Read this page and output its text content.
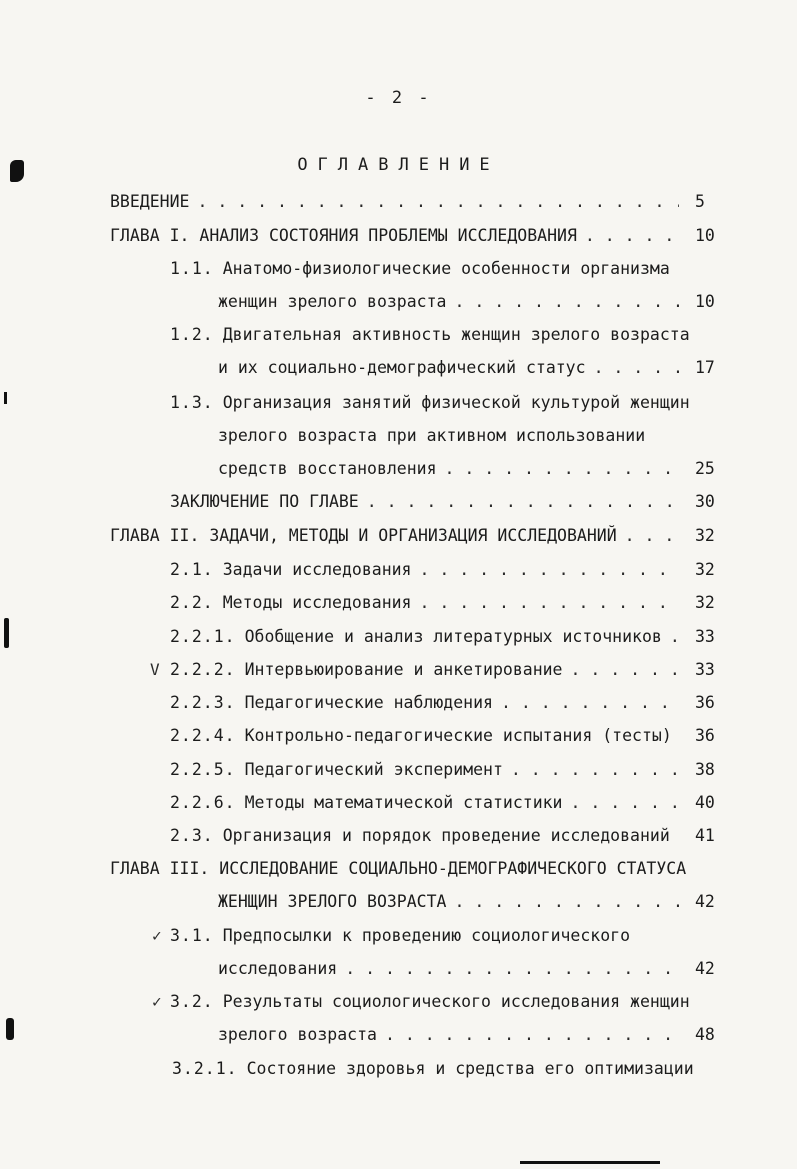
- 2 -
ОГЛАВЛЕНИЕ
ВВЕДЕНИЕ . . .	5
ГЛАВА I. АНАЛИЗ СОСТОЯНИЯ ПРОБЛЕМЫ ИССЛЕДОВАНИЯ . . .	10
1.1. Анатомо-физиологические особенности организма
женщин зрелого возраста . . .	10
1.2. Двигательная активность женщин зрелого возраста
и их социально-демографический статус . . .	17
1.3. Организация занятий физической культурой женщин
зрелого возраста при активном использовании
средств восстановления . . .	25
ЗАКЛЮЧЕНИЕ ПО ГЛАВЕ . . .	30
ГЛАВА II. ЗАДАЧИ, МЕТОДЫ И ОРГАНИЗАЦИЯ ИССЛЕДОВАНИЙ . . .	32
2.1. Задачи исследования . . .	32
2.2. Методы исследования . . .	32
2.2.1. Обобщение и анализ литературных источников . . . 33
V 2.2.2. Интервьюирование и анкетирование . . .	33
2.2.3. Педагогические наблюдения . . .	36
2.2.4. Контрольно-педагогические испытания (тесты) 36
2.2.5. Педагогический эксперимент . . .	38
2.2.6. Методы математической статистики . . .	40
2.3. Организация и порядок проведение исследований . . . 41
ГЛАВА III. ИССЛЕДОВАНИЕ СОЦИАЛЬНО-ДЕМОГРАФИЧЕСКОГО СТАТУСА
ЖЕНЩИН ЗРЕЛОГО ВОЗРАСТА . . .	42
✓ 3.1. Предпосылки к проведению социологического
исследования . . .	42
✓ 3.2. Результаты социологического исследования женщин
зрелого возраста . . .	48
3.2.1. Состояние здоровья и средства его оптимизации
